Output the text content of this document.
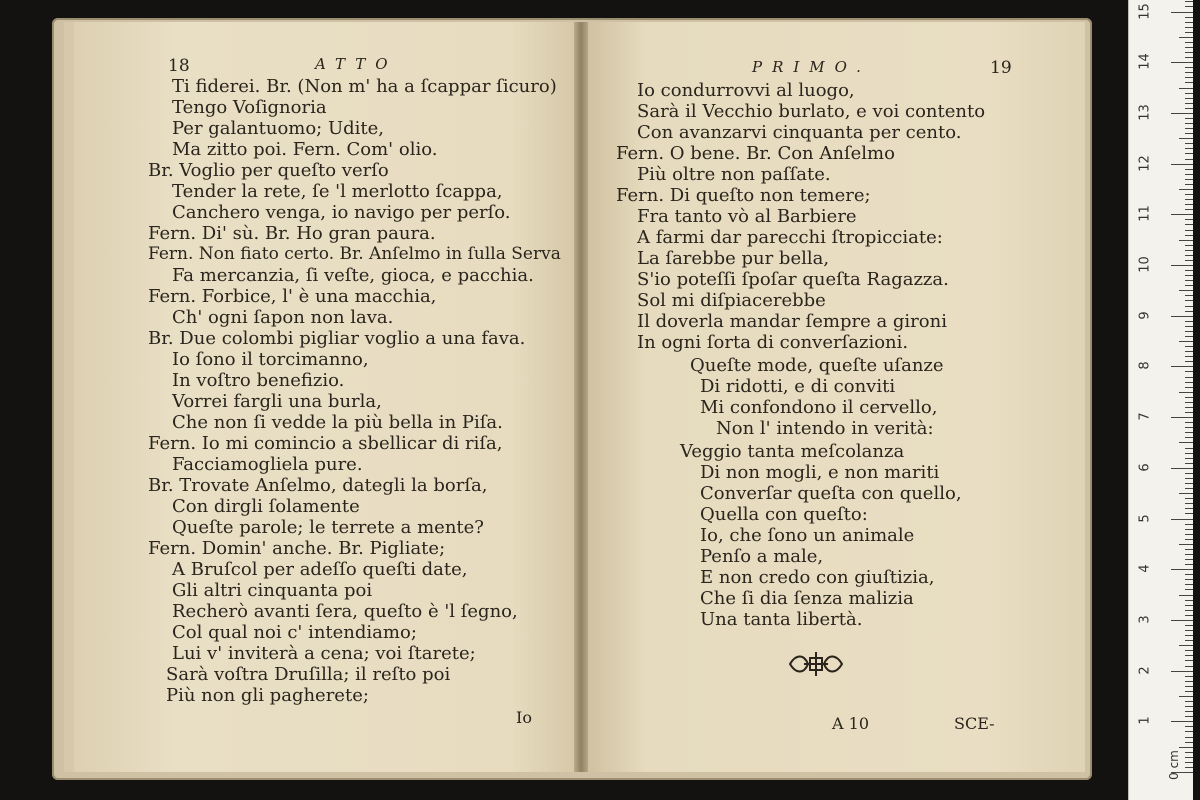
18	ATTO
Ti fiderei. Br. (Non m' ha a ſcappar ſicuro)
Tengo Voſignoria
Per galantuomo; Udite,
Ma zitto poi. Fern. Com' olio.
Br. Voglio per queſto verſo
Tender la rete, ſe 'l merlotto ſcappa,
Canchero venga, io navigo per perſo.
Fern. Di' sù. Br. Ho gran paura.
Fern. Non fiato certo. Br. Anſelmo in ſulla Serva
Fa mercanzia, ſi veſte, gioca, e pacchia.
Fern. Forbice, l' è una macchia,
Ch' ogni ſapon non lava.
Br. Due colombi pigliar voglio a una fava.
Io ſono il torcimanno,
In voſtro benefizio.
Vorrei fargli una burla,
Che non ſi vedde la più bella in Piſa.
Fern. Io mi comincio a sbellicar di riſa,
Facciamogliela pure.
Br. Trovate Anſelmo, dategli la borſa,
Con dirgli ſolamente
Queſte parole; le terrete a mente?
Fern. Domin' anche. Br. Pigliate;
A Bruſcol per adeſſo queſti date,
Gli altri cinquanta poi
Recherò avanti ſera, queſto è 'l ſegno,
Col qual noi c' intendiamo;
Lui v' inviterà a cena; voi ſtarete;
Sarà voſtra Druſilla; il reſto poi
Più non gli pagherete;
Io
PRIMO.	19
Io condurrovvi al luogo,
Sarà il Vecchio burlato, e voi contento
Con avanzarvi cinquanta per cento.
Fern. O bene. Br. Con Anſelmo
Più oltre non paſſate.
Fern. Di queſto non temere;
Fra tanto vò al Barbiere
A farmi dar parecchi ſtropicciate:
La ſarebbe pur bella,
S'io poteſſi ſpoſar queſta Ragazza.
Sol mi diſpiacerebbe
Il doverla mandar ſempre a gironi
In ogni ſorta di converſazioni.
Queſte mode, queſte uſanze
Di ridotti, e di conviti
Mi confondono il cervello,
Non l' intendo in verità:
Veggio tanta meſcolanza
Di non mogli, e non mariti
Converſar queſta con quello,
Quella con queſto:
Io, che ſono un animale
Penſo a male,
E non credo con giuſtizia,
Che ſi dia ſenza malizia
Una tanta libertà.
A 10	SCE-	1
2
3
4
5
6
7
8
9
10
11
12
13
14
15
0 cm
